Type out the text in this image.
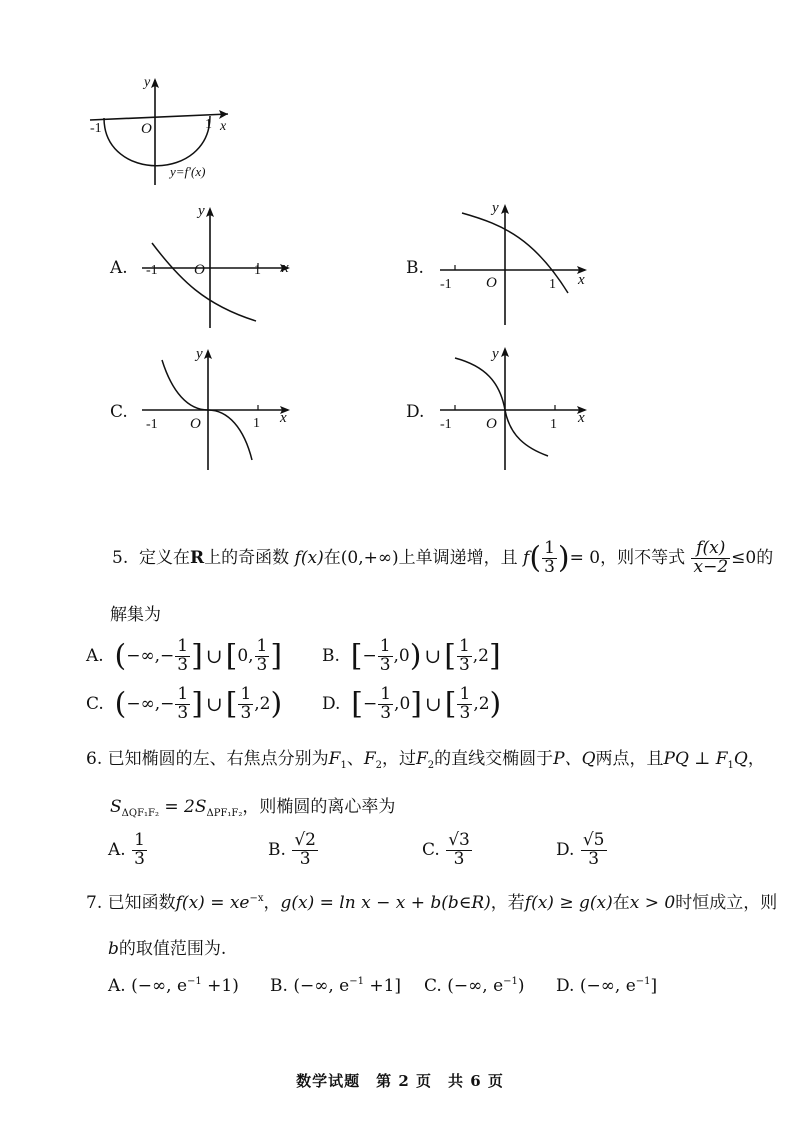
y
x
O
-1	1
y=f′(x)
A.
y
x
O
-1	1	B.
y
x
O
-1	1
C.
y
x
O
-1	1
D.
y
x
O
-1	1
5. 定义在R上的奇函数 f(x)在(0,+∞)上单调递增，且 $f( \frac{1}{3}$ )= 0，则不等式 $\frac{f(x)}{x-2} \le 0$的
解集为
A. (−∞,− $\frac{1}{3}$ ] ∪ [0, $\frac{1}{3}$ ] B. [− $\frac{1}{3} ,0$) ∪ [ $\frac{1}{3} ,2$]
C. (−∞,− $\frac{1}{3}$ ] ∪ [ $\frac{1}{3} ,2$) D. [− $\frac{1}{3} ,0$] ∪ [ $\frac{1}{3} ,2$)
6. 已知椭圆的左、右焦点分别为$F_1$、$F_2$，过$F_2$的直线交椭圆于P、Q两点，且PQ ⊥ $F_1Q$，
$S_{\Delta QF_1F_2} = 2S_{\Delta PF_1F_2}$，则椭圆的离心率为
A. $\frac{1}{3}$	B. $\frac{√2}{3}$	C. $\frac{√3}{3}$	D. $\frac{√5}{3}$
7. 已知函数$f(x) = xe^{-x}$，g(x) = ln x − x + b(b∈R)，若f(x) ≥ g(x)在x > 0时恒成立，则
b的取值范围为.
A. (−∞, $e^{-1} +1$) B. (−∞, $e^{-1} +1$] C. (−∞, $e^{-1}$) D. (−∞, $e^{-1}$]
数学试题　第 2 页　共 6 页
